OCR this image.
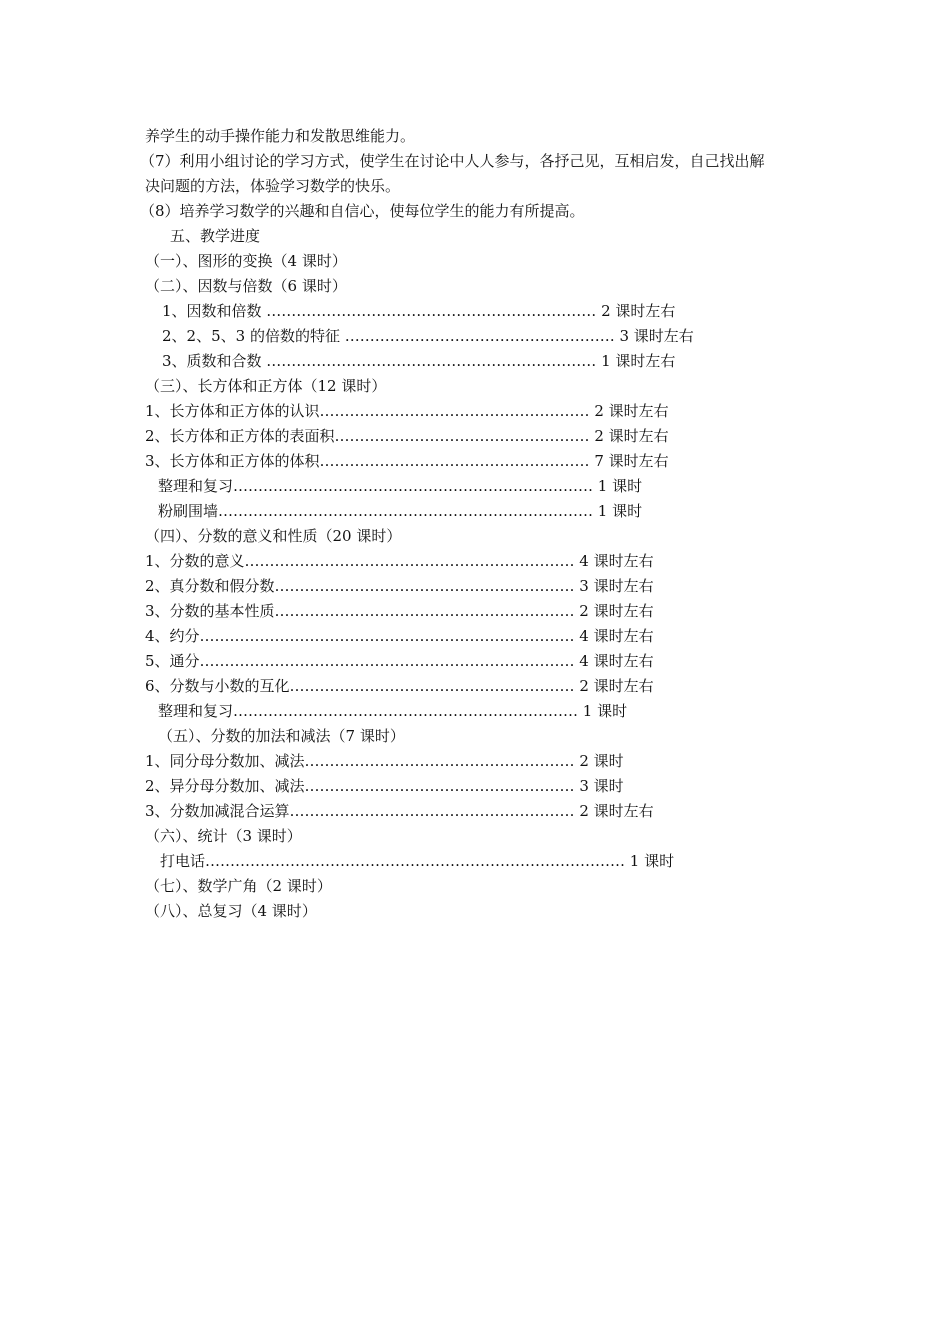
养学生的动手操作能力和发散思维能力。
（7）利用小组讨论的学习方式，使学生在讨论中人人参与，各抒己见，互相启发，自己找出解
决问题的方法，体验学习数学的快乐。
（8）培养学习数学的兴趣和自信心，使每位学生的能力有所提高。
五、教学进度
（一）、图形的变换（4 课时）
（二）、因数与倍数（6 课时）
1、因数和倍数 ………………………………………………………… 2 课时左右
2、2、5、3 的倍数的特征 ……………………………………………… 3 课时左右
3、质数和合数 ………………………………………………………… 1 课时左右
（三）、长方体和正方体（12 课时）
1、长方体和正方体的认识……………………………………………… 2 课时左右
2、长方体和正方体的表面积…………………………………………… 2 课时左右
3、长方体和正方体的体积……………………………………………… 7 课时左右
整理和复习……………………………………………………………… 1 课时
粉刷围墙………………………………………………………………… 1 课时
（四）、分数的意义和性质（20 课时）
1、分数的意义………………………………………………………… 4 课时左右
2、真分数和假分数…………………………………………………… 3 课时左右
3、分数的基本性质…………………………………………………… 2 课时左右
4、约分………………………………………………………………… 4 课时左右
5、通分………………………………………………………………… 4 课时左右
6、分数与小数的互化………………………………………………… 2 课时左右
整理和复习…………………………………………………………… 1 课时
（五）、分数的加法和减法（7 课时）
1、同分母分数加、减法……………………………………………… 2 课时
2、异分母分数加、减法……………………………………………… 3 课时
3、分数加减混合运算………………………………………………… 2 课时左右
（六）、统计（3 课时）
打电话………………………………………………………………………… 1 课时
（七）、数学广角（2 课时）
（八）、总复习（4 课时）
